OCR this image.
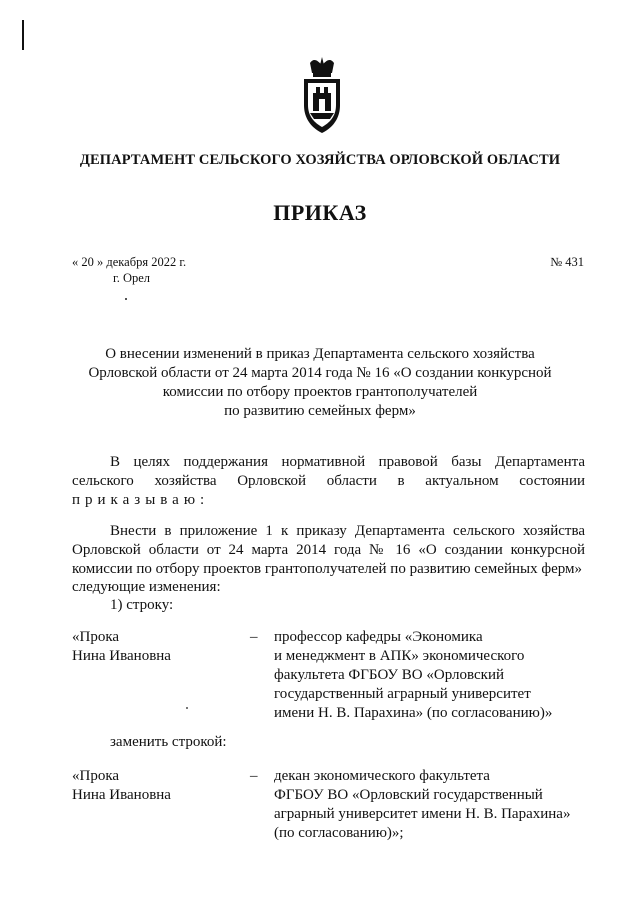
ДЕПАРТАМЕНТ СЕЛЬСКОГО ХОЗЯЙСТВА ОРЛОВСКОЙ ОБЛАСТИ
ПРИКАЗ
« 20 » декабря 2022 г.
г. Орел
№ 431
О внесении изменений в приказ Департамента сельского хозяйства
Орловской области от 24 марта 2014 года № 16 «О создании конкурсной
комиссии по отбору проектов грантополучателей
по развитию семейных ферм»
В целях поддержания нормативной правовой базы Департамента
сельского хозяйства Орловской области в актуальном состоянии
приказываю:
Внести в приложение 1 к приказу Департамента сельского хозяйства
Орловской области от 24 марта 2014 года № 16 «О создании конкурсной
комиссии по отбору проектов грантополучателей по развитию семейных ферм»
следующие изменения:
1) строку:
«Прока
Нина Ивановна
– профессор кафедры «Экономика
и менеджмент в АПК» экономического
факультета ФГБОУ ВО «Орловский
государственный аграрный университет
имени Н. В. Парахина» (по согласованию)»
заменить строкой:
«Прока
Нина Ивановна
– декан экономического факультета
ФГБОУ ВО «Орловский государственный
аграрный университет имени Н. В. Парахина»
(по согласованию)»;
